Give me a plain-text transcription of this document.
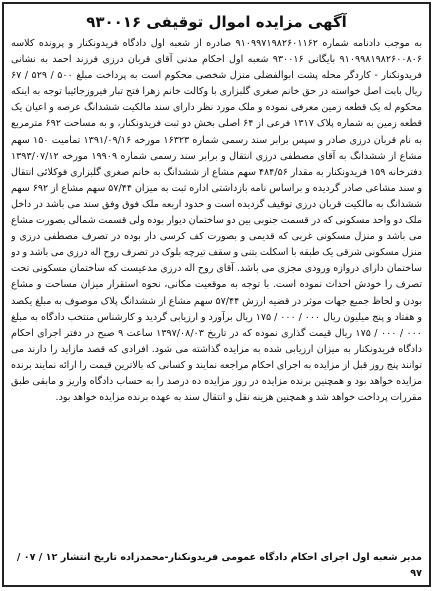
آگهی مزایده اموال توقیفی ۹۳۰۰۱۶
به موجب دادنامه شماره ۹۱۰۹۹۷۱۹۸۲۶۰۱۱۶۲ صادره از شعبه اول دادگاه فریدونکنار و پرونده کلاسه ۹۱۰۹۹۸۱۹۸۲۶۰۰۸۰۶ بایگانی ۹۳۰۰۱۶ شعبه اول احکام مدنی آقای قربان درزی فرزند احمد به نشانی فریدونکنار - کاردگر محله پشت ابوالفضلی منزل شخصی محکوم است به پرداخت مبلغ ۵۰۰ / ۵۲۹ / ۶۷ ریال بابت اصل خواسته در حق خانم صغری گلبزاری با وکالت خانم زهرا فتح تبار فیروزجائیبا توجه به اینکه محکوم له یک قطعه زمین معرفی نموده و ملک مورد نظر دارای سند مالکیت ششدانگ عرصه و اعیان یک قطعه زمین به شماره پلاک ۱۳۱۷ فرعی از ۶۴ اصلی بخش دو ثبت فریدونکنار، و به مساحت ۶۹۲ مترمربع به نام قربان درزی صادر و سپس برابر سند رسمی شماره ۱۶۳۲۳ مورخه ۱۳۹۱/۰۹/۱۶ تمامیت ۱۵۰ سهم مشاع از ششدانگ به آقای مصطفی درزی انتقال و برابر سند رسمی شماره ۱۹۹۰۹ مورخه ۱۳۹۳/۰۷/۱۲ دفترخانه ۱۵۹ فریدونکنار به مقدار ۴۸۴/۵۶ سهم مشاع از ششدانگ به خانم صغری گلبزاری فوکلائی انتقال و سند مشاعی صادر گردیده و براساس نامه بازداشتی اداره ثبت به میزان ۵۷/۴۴ سهم مشاع از ۶۹۲ سهم ششدانگ به مالکیت قربان درزی توقیف گردیده است و حدود اربعه ملک فوق وفق سند می باشد در داخل ملک دو واحد مسکونی که در قسمت جنوبی بین دو ساختمان دیوار بوده ولی قسمت شمالی بصورت مشاع می باشد و منزل مسکونی غربی که قدیمی و بصورت کف کرسی دار بوده در تصرف مصطفی درزی و منزل مسکونی شرقی یک طبقه با اسکلت بتنی و سقف تیرچه بلوک در تصرف روح اله درزی می باشد و دو ساختمان دارای دروازه ورودی مجزی می باشد. آقای روح اله درزی مدعیست که ساختمان مسکونی تحت تصرف را خودش احداث نموده است. با توجه به موقعیت مکانی، نحوه استقرار میزان مساحت و مشاع بودن و لحاظ جمیع جهات موثر در قضیه ارزش ۵۷/۴۴ سهم مشاع از ششدانگ پلاک موصوف به مبلغ یکصد و هفتاد و پنج میلیون ریال ۰۰۰ / ۰۰۰ / ۱۷۵ ریال برآورد و ارزیابی گردید و کارشناس منتخب دادگاه به مبلغ ۰۰۰ / ۰۰۰ / ۱۷۵ ریال قیمت گذاری نموده که در تاریخ ۱۳۹۷/۰۸/۰۳ ساعت ۹ صبح در دفتر اجرای احکام دادگاه فریدونکنار به میزان ارزیابی شده به مزایده گذاشته می شود. افرادی که قصد مازاید را دارند می توانند پنج روز قبل از مزایده به اجرای احکام مراجعه نمایند و کسانی که بالاترین قیمت را ارائه نمایند برنده مزایده خواهد بود و همچنین برنده مزایده در روز مزایده ده درصد را به حساب دادگاه واریز و مابقی طبق مقررات پرداخت خواهد شد و همچنین هزینه نقل و انتقال سند به عهده برنده مزایده خواهد بود.
مدیر شعبه اول اجرای احکام دادگاه عمومی فریدونکنار-محمدزاده تاریخ انتشار ۱۲ / ۰۷ / ۹۷
